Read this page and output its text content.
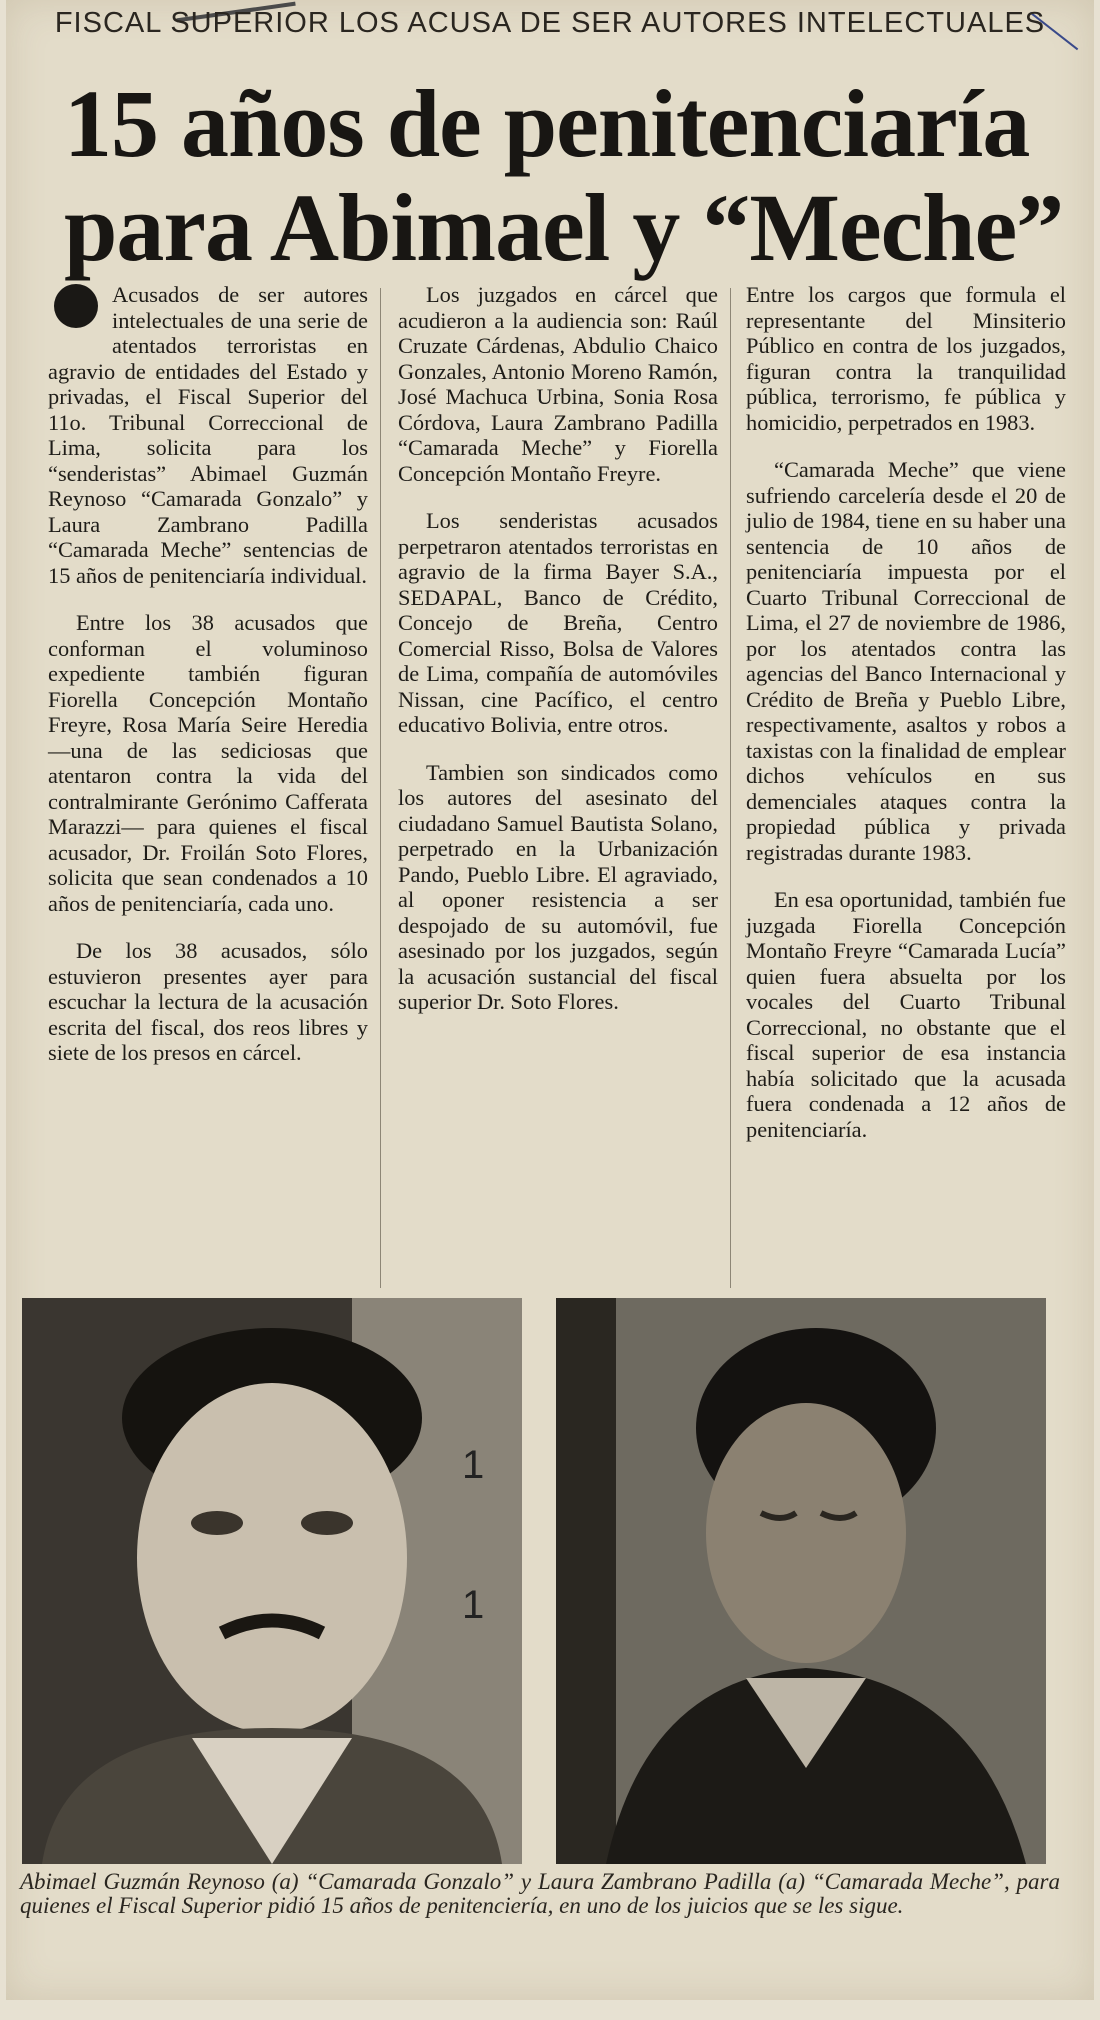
FISCAL SUPERIOR LOS ACUSA DE SER AUTORES INTELECTUALES
15 años de penitenciaría
para Abimael y “Meche”

Acusados de ser autores intelectuales de una serie de atentados terroristas en agravio de entidades del Estado y privadas, el Fiscal Superior del 11o. Tribunal Correccional de Lima, solicita para los “senderistas” Abimael Guzmán Reynoso “Camarada Gonzalo” y Laura Zambrano Padilla “Camarada Meche” sentencias de 15 años de penitenciaría individual.

Entre los 38 acusados que conforman el voluminoso expediente también figuran Fiorella Concepción Montaño Freyre, Rosa María Seire Heredia —una de las sediciosas que atentaron contra la vida del contralmirante Gerónimo Cafferata Marazzi— para quienes el fiscal acusador, Dr. Froilán Soto Flores, solicita que sean condenados a 10 años de penitenciaría, cada uno.

De los 38 acusados, sólo estuvieron presentes ayer para escuchar la lectura de la acusación escrita del fiscal, dos reos libres y siete de los presos en cárcel.

Los juzgados en cárcel que acudieron a la audiencia son: Raúl Cruzate Cárdenas, Abdulio Chaico Gonzales, Antonio Moreno Ramón, José Machuca Urbina, Sonia Rosa Córdova, Laura Zambrano Padilla “Camarada Meche” y Fiorella Concepción Montaño Freyre.

Los senderistas acusados perpetraron atentados terroristas en agravio de la firma Bayer S.A., SEDAPAL, Banco de Crédito, Concejo de Breña, Centro Comercial Risso, Bolsa de Valores de Lima, compañía de automóviles Nissan, cine Pacífico, el centro educativo Bolivia, entre otros.

Tambien son sindicados como los autores del asesinato del ciudadano Samuel Bautista Solano, perpetrado en la Urbanización Pando, Pueblo Libre. El agraviado, al oponer resistencia a ser despojado de su automóvil, fue asesinado por los juzgados, según la acusación sustancial del fiscal superior Dr. Soto Flores.

Entre los cargos que formula el representante del Minsiterio Público en contra de los juzgados, figuran contra la tranquilidad pública, terrorismo, fe pública y homicidio, perpetrados en 1983.

“Camarada Meche” que viene sufriendo carcelería desde el 20 de julio de 1984, tiene en su haber una sentencia de 10 años de penitenciaría impuesta por el Cuarto Tribunal Correccional de Lima, el 27 de noviembre de 1986, por los atentados contra las agencias del Banco Internacional y Crédito de Breña y Pueblo Libre, respectivamente, asaltos y robos a taxistas con la finalidad de emplear dichos vehículos en sus demenciales ataques contra la propiedad pública y privada registradas durante 1983.

En esa oportunidad, también fue juzgada Fiorella Concepción Montaño Freyre “Camarada Lucía” quien fuera absuelta por los vocales del Cuarto Tribunal Correccional, no obstante que el fiscal superior de esa instancia había solicitado que la acusada fuera condenada a 12 años de penitenciaría.

1
1
Abimael Guzmán Reynoso (a) “Camarada Gonzalo” y Laura Zambrano Padilla (a) “Camarada Meche”, para quienes el Fiscal Superior pidió 15 años de penitenciería, en uno de los juicios que se les sigue.
